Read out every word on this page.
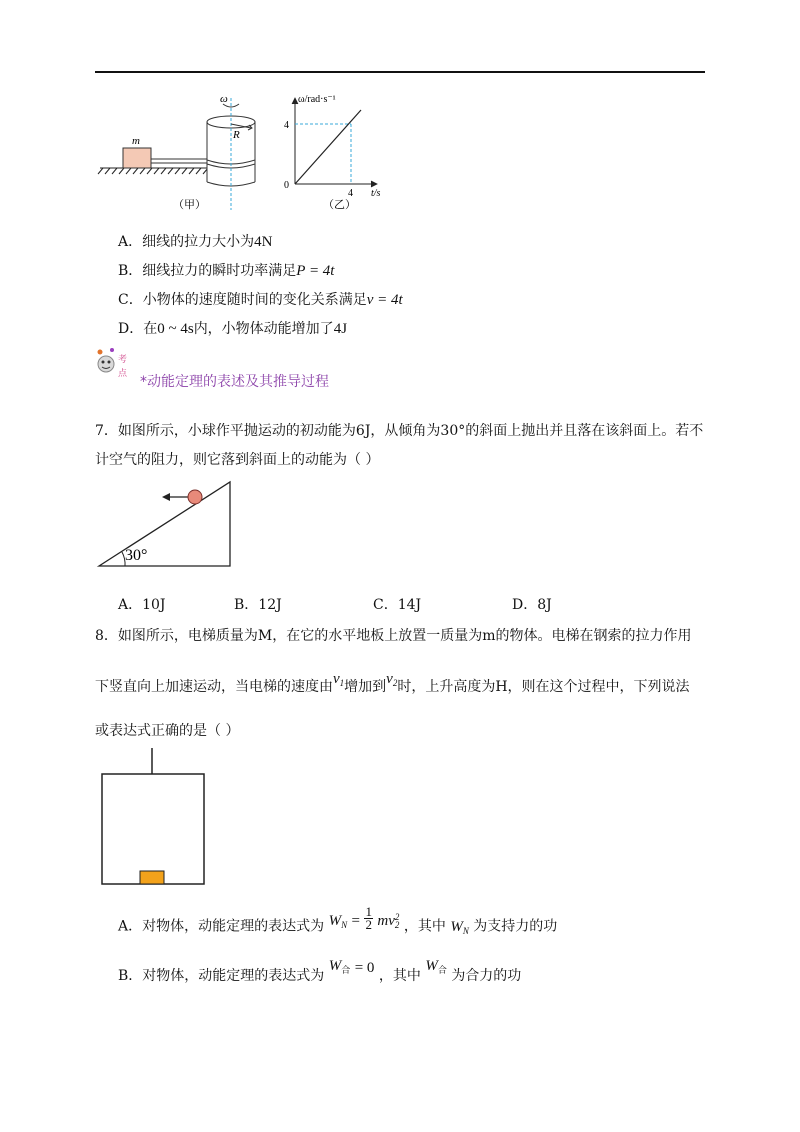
m
ω
R
（甲）
ω/rad·s⁻¹
4
0
4 t/s
（乙）
A．细线的拉力大小为4N
B．细线拉力的瞬时功率满足P = 4t
C．小物体的速度随时间的变化关系满足v = 4t
D．在0 ~ 4s内，小物体动能增加了4J
考
点
*动能定理的表述及其推导过程
7．如图所示，小球作平抛运动的初动能为6J，从倾角为30°的斜面上抛出并且落在该斜面上。若不
计空气的阻力，则它落到斜面上的动能为（ ）
30°
A．10J	B．12J	C．14J	D．8J
8．如图所示，电梯质量为M，在它的水平地板上放置一质量为m的物体。电梯在钢索的拉力作用
下竖直向上加速运动，当电梯的速度由$v_1$增加到$v_2$时，上升高度为H，则在这个过程中，下列说法
或表达式正确的是（ ）
A．对物体，动能定理的表达式为 $W_N = \frac{1}{2}$ mv 2
2 ，其中 $W_N$ 为支持力的功
B．对物体，动能定理的表达式为 $W_合 = 0$ ，其中 $W_合$ 为合力的功
